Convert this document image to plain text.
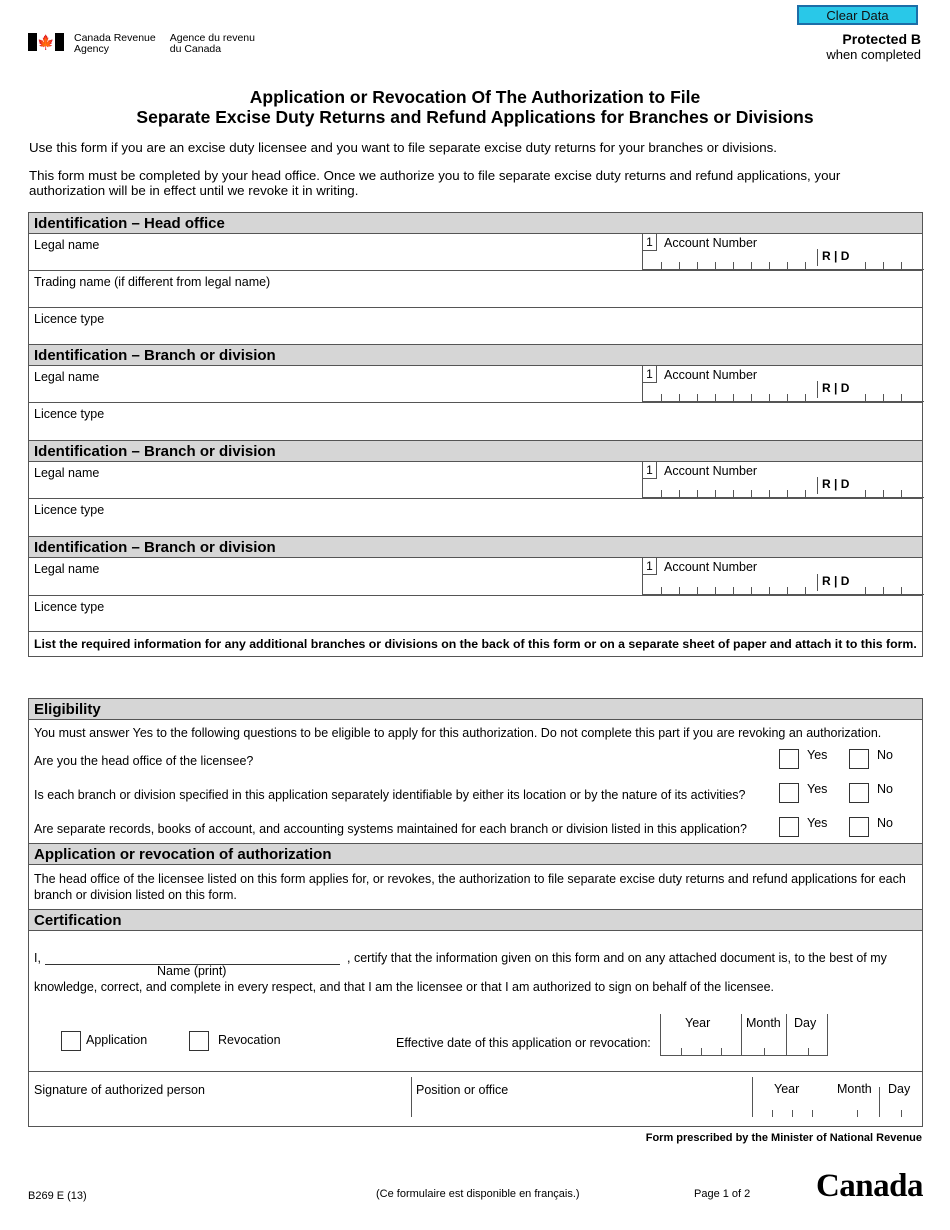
🍁 Canada Revenue
Agency
Agence du revenu
du Canada
Clear Data
Protected B
when completed
Application or Revocation Of The Authorization to File
Separate Excise Duty Returns and Refund Applications for Branches or Divisions
Use this form if you are an excise duty licensee and you want to file separate excise duty returns for your branches or divisions.
This form must be completed by your head office. Once we authorize you to file separate excise duty returns and refund applications, your authorization will be in effect until we revoke it in writing.
Identification – Head office
Legal name	1 Account Number
R | D
Trading name (if different from legal name)
Licence type
Identification – Branch or division
Legal name	1 Account Number
R | D
Licence type
Identification – Branch or division
Legal name	1 Account Number
R | D
Licence type
Identification – Branch or division
Legal name	1 Account Number
R | D
Licence type
List the required information for any additional branches or divisions on the back of this form or on a separate sheet of paper and attach it to this form.
Eligibility
You must answer Yes to the following questions to be eligible to apply for this authorization. Do not complete this part if you are revoking an authorization.
Are you the head office of the licensee?	Yes	No
Is each branch or division specified in this application separately identifiable by either its location or by the nature of its activities?	Yes	No
Are separate records, books of account, and accounting systems maintained for each branch or division listed in this application?	Yes	No
Application or revocation of authorization
The head office of the licensee listed on this form applies for, or revokes, the authorization to file separate excise duty returns and refund applications for each branch or division listed on this form.
Certification
I,
Name (print)
, certify that the information given on this form and on any attached document is, to the best of my
knowledge, correct, and complete in every respect, and that I am the licensee or that I am authorized to sign on behalf of the licensee.
Application	Revocation	Effective date of this application or revocation:
Year	Month Day
Signature of authorized person	Position or office	Year	Month Day
Form prescribed by the Minister of National Revenue
B269 E (13)	(Ce formulaire est disponible en français.)	Page 1 of 2 Canada
